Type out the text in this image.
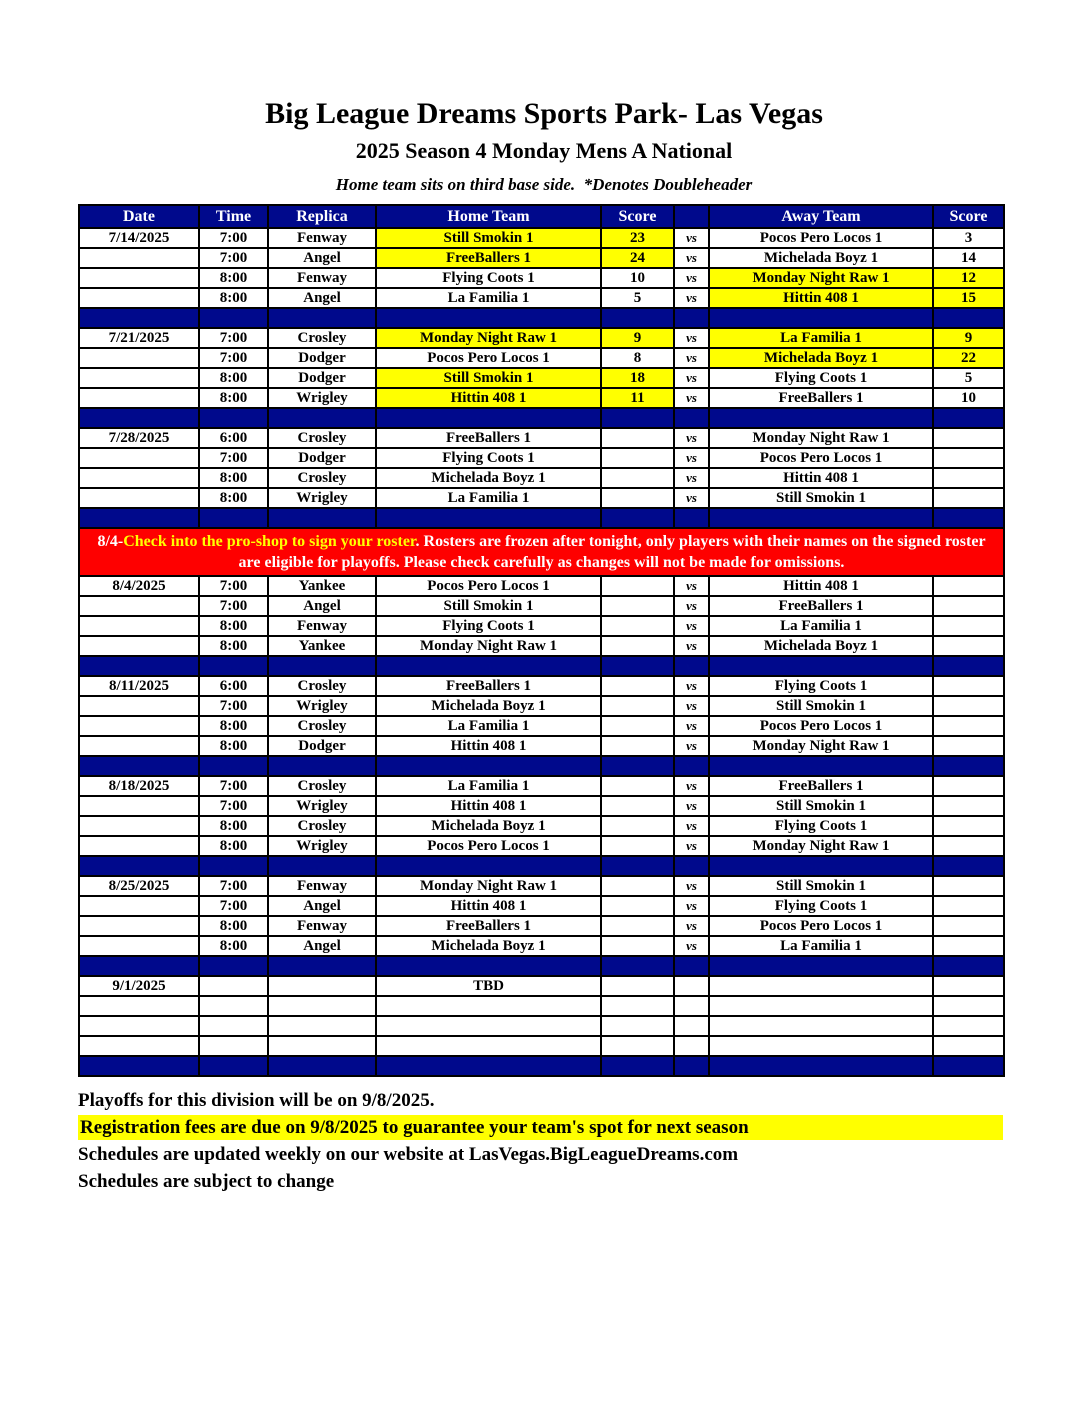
Big League Dreams Sports Park- Las Vegas
2025 Season 4 Monday Mens A National
Home team sits on third base side.  *Denotes Doubleheader
Date	Time	Replica	Home Team	Score		Away Team	Score
7/14/2025	7:00	Fenway	Still Smokin 1	23	vs	Pocos Pero Locos 1	3
	7:00	Angel	FreeBallers 1	24	vs	Michelada Boyz 1	14
	8:00	Fenway	Flying Coots 1	10	vs	Monday Night Raw 1	12
	8:00	Angel	La Familia 1	5	vs	Hittin 408 1	15

7/21/2025	7:00	Crosley	Monday Night Raw 1	9	vs	La Familia 1	9
	7:00	Dodger	Pocos Pero Locos 1	8	vs	Michelada Boyz 1	22
	8:00	Dodger	Still Smokin 1	18	vs	Flying Coots 1	5
	8:00	Wrigley	Hittin 408 1	11	vs	FreeBallers 1	10

7/28/2025	6:00	Crosley	FreeBallers 1		vs	Monday Night Raw 1	
	7:00	Dodger	Flying Coots 1		vs	Pocos Pero Locos 1	
	8:00	Crosley	Michelada Boyz 1		vs	Hittin 408 1	
	8:00	Wrigley	La Familia 1		vs	Still Smokin 1	

8/4-Check into the pro-shop to sign your roster. Rosters are frozen after tonight, only players with their names on the signed roster are eligible for playoffs. Please check carefully as changes will not be made for omissions.							
8/4/2025	7:00	Yankee	Pocos Pero Locos 1		vs	Hittin 408 1	
	7:00	Angel	Still Smokin 1		vs	FreeBallers 1	
	8:00	Fenway	Flying Coots 1		vs	La Familia 1	
	8:00	Yankee	Monday Night Raw 1		vs	Michelada Boyz 1	

8/11/2025	6:00	Crosley	FreeBallers 1		vs	Flying Coots 1	
	7:00	Wrigley	Michelada Boyz 1		vs	Still Smokin 1	
	8:00	Crosley	La Familia 1		vs	Pocos Pero Locos 1	
	8:00	Dodger	Hittin 408 1		vs	Monday Night Raw 1	

8/18/2025	7:00	Crosley	La Familia 1		vs	FreeBallers 1	
	7:00	Wrigley	Hittin 408 1		vs	Still Smokin 1	
	8:00	Crosley	Michelada Boyz 1		vs	Flying Coots 1	
	8:00	Wrigley	Pocos Pero Locos 1		vs	Monday Night Raw 1	

8/25/2025	7:00	Fenway	Monday Night Raw 1		vs	Still Smokin 1	
	7:00	Angel	Hittin 408 1		vs	Flying Coots 1	
	8:00	Fenway	FreeBallers 1		vs	Pocos Pero Locos 1	
	8:00	Angel	Michelada Boyz 1		vs	La Familia 1	

9/1/2025			TBD				

Playoffs for this division will be on 9/8/2025.
Registration fees are due on 9/8/2025 to guarantee your team's spot for next season
Schedules are updated weekly on our website at LasVegas.BigLeagueDreams.com
Schedules are subject to change
